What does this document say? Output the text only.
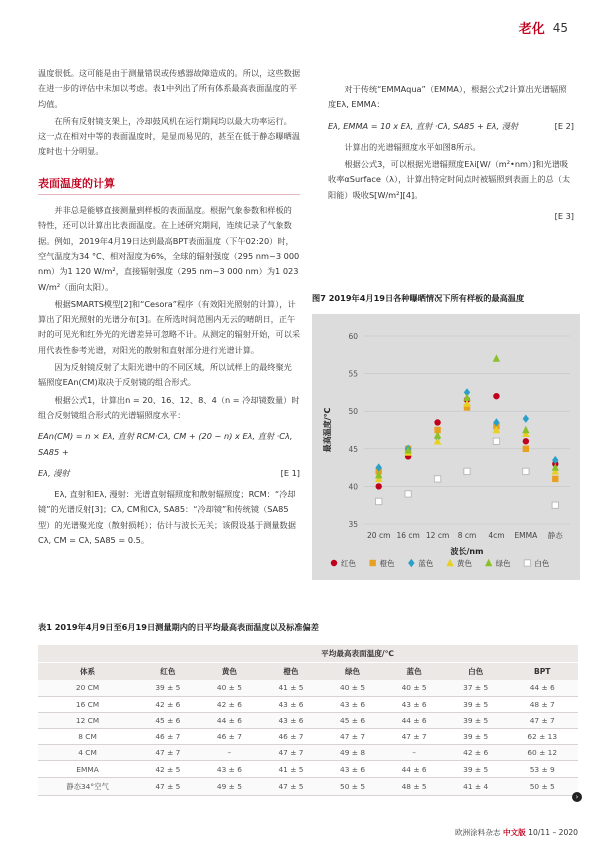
老化 45

温度很低。这可能是由于测量错误或传感器故障造成的。所以，这些数据在进一步的评估中未加以考虑。表1中列出了所有体系最高表面温度的平均值。

在所有反射镜支架上，冷却鼓风机在运行期间均以最大功率运行。这一点在相对中等的表面温度时，是显而易见的，甚至在低于静态曝晒温度时也十分明显。

表面温度的计算

并非总是能够直接测量到样板的表面温度。根据气象参数和样板的特性，还可以计算出比表面温度。在上述研究期间，连续记录了气象数据。例如，2019年4月19日达到最高BPT表面温度（下午02:20）时，空气温度为34 °C、相对湿度为6%，全球的辐射强度（295 nm~3 000 nm）为1 120 W/m²，直接辐射强度（295 nm~3 000 nm）为1 023 W/m²（面向太阳）。

根据SMARTS模型[2]和“Cesora”程序（有效阳光照射的计算），计算出了阳光照射的光谱分布[3]。在所选时间范围内无云的晴朗日，正午时的可见光和红外光的光谱差异可忽略不计。从测定的辐射开始，可以采用代表性参考光谱，对阳光的散射和直射部分进行光谱计算。

因为反射镜反射了太阳光谱中的不同区域，所以试样上的最终聚光辐照度EAn(CM)取决于反射镜的组合形式。

根据公式1，计算出n = 20、16、12、8、4（n = 冷却镜数量）时组合反射镜组合形式的光谱辐照度水平：

EAn(CM) = n × Eλ, 直射 RCM·Cλ, CM + (20 − n) x Eλ, 直射 ·Cλ, SA85 +
Eλ, 漫射	[E 1]

Eλ, 直射和Eλ, 漫射：光谱直射辐照度和散射辐照度；RCM：“冷却镜”的光谱反射[3]；Cλ, CM和Cλ, SA85：“冷却镜”和传统镜（SA85型）的光谱聚光度（散射损耗）；估计与波长无关；该假设基于测量数据Cλ, CM = Cλ, SA85 = 0.5。

对于传统“EMMAqua”（EMMA），根据公式2计算出光谱辐照度Eλ, EMMA：

Eλ, EMMA = 10 x Eλ, 直射 ·Cλ, SA85 + Eλ, 漫射	[E 2]

计算出的光谱辐照度水平如图8所示。

根据公式3，可以根据光谱辐照度Eλi[W/（m²•nm）]和光谱吸收率αSurface（λ），计算出特定时间点时被辐照到表面上的总（太阳能）吸收S[W/m²][4]。

[E 3]
图7 2019年4月19日各种曝晒情况下所有样板的最高温度
35
40
45
50
55
60
最高温度/℃
20 cm 16 cm 12 cm 8 cm 4cm EMMA 静态
波长/nm
红色	橙色	蓝色	黄色	绿色	白色
表1 2019年4月9日至6月19日测量期内的日平均最高表面温度以及标准偏差
	平均最高表面温度/℃						
体系	红色	黄色	橙色	绿色	蓝色	白色	BPT
20 CM	39 ± 5	40 ± 5	41 ± 5	40 ± 5	40 ± 5	37 ± 5	44 ± 6
16 CM	42 ± 6	42 ± 6	43 ± 6	43 ± 6	43 ± 6	39 ± 5	48 ± 7
12 CM	45 ± 6	44 ± 6	43 ± 6	45 ± 6	44 ± 6	39 ± 5	47 ± 7
8 CM	46 ± 7	46 ± 7	46 ± 7	47 ± 7	47 ± 7	39 ± 5	62 ± 13
4 CM	47 ± 7	–	47 ± 7	49 ± 8	–	42 ± 6	60 ± 12
EMMA	42 ± 5	43 ± 6	41 ± 5	43 ± 6	44 ± 6	39 ± 5	53 ± 9
静态34°空气	47 ± 5	49 ± 5	47 ± 5	50 ± 5	48 ± 5	41 ± 4	50 ± 5
›
欧洲涂料杂志 中文版 10/11 – 2020
